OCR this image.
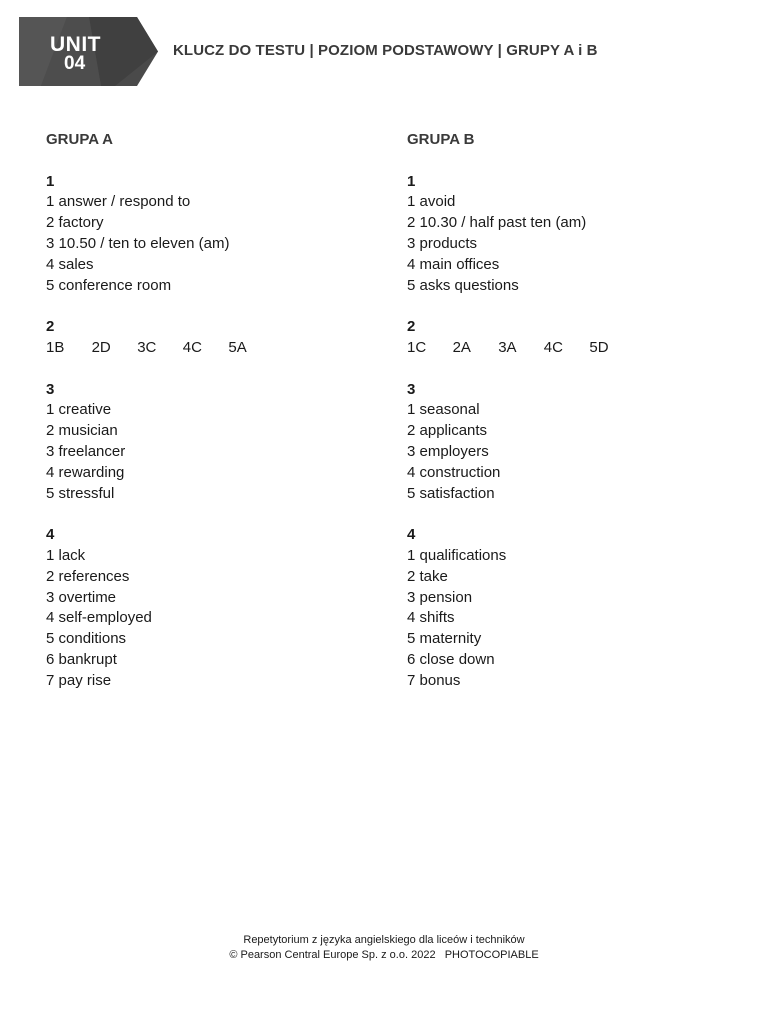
UNIT
04
KLUCZ DO TESTU | POZIOM PODSTAWOWY | GRUPY A i B
GRUPA A
1
1 answer / respond to
2 factory
3 10.50 / ten to eleven (am)
4 sales
5 conference room
2
1B	2D	3C	4C	5A
3
1 creative
2 musician
3 freelancer
4 rewarding
5 stressful
4
1 lack
2 references
3 overtime
4 self-employed
5 conditions
6 bankrupt
7 pay rise
GRUPA B
1
1 avoid
2 10.30 / half past ten (am)
3 products
4 main offices
5 asks questions
2
1C	2A	3A	4C	5D
3
1 seasonal
2 applicants
3 employers
4 construction
5 satisfaction
4
1 qualifications
2 take
3 pension
4 shifts
5 maternity
6 close down
7 bonus
Repetytorium z języka angielskiego dla liceów i techników
© Pearson Central Europe Sp. z o.o. 2022   PHOTOCOPIABLE
